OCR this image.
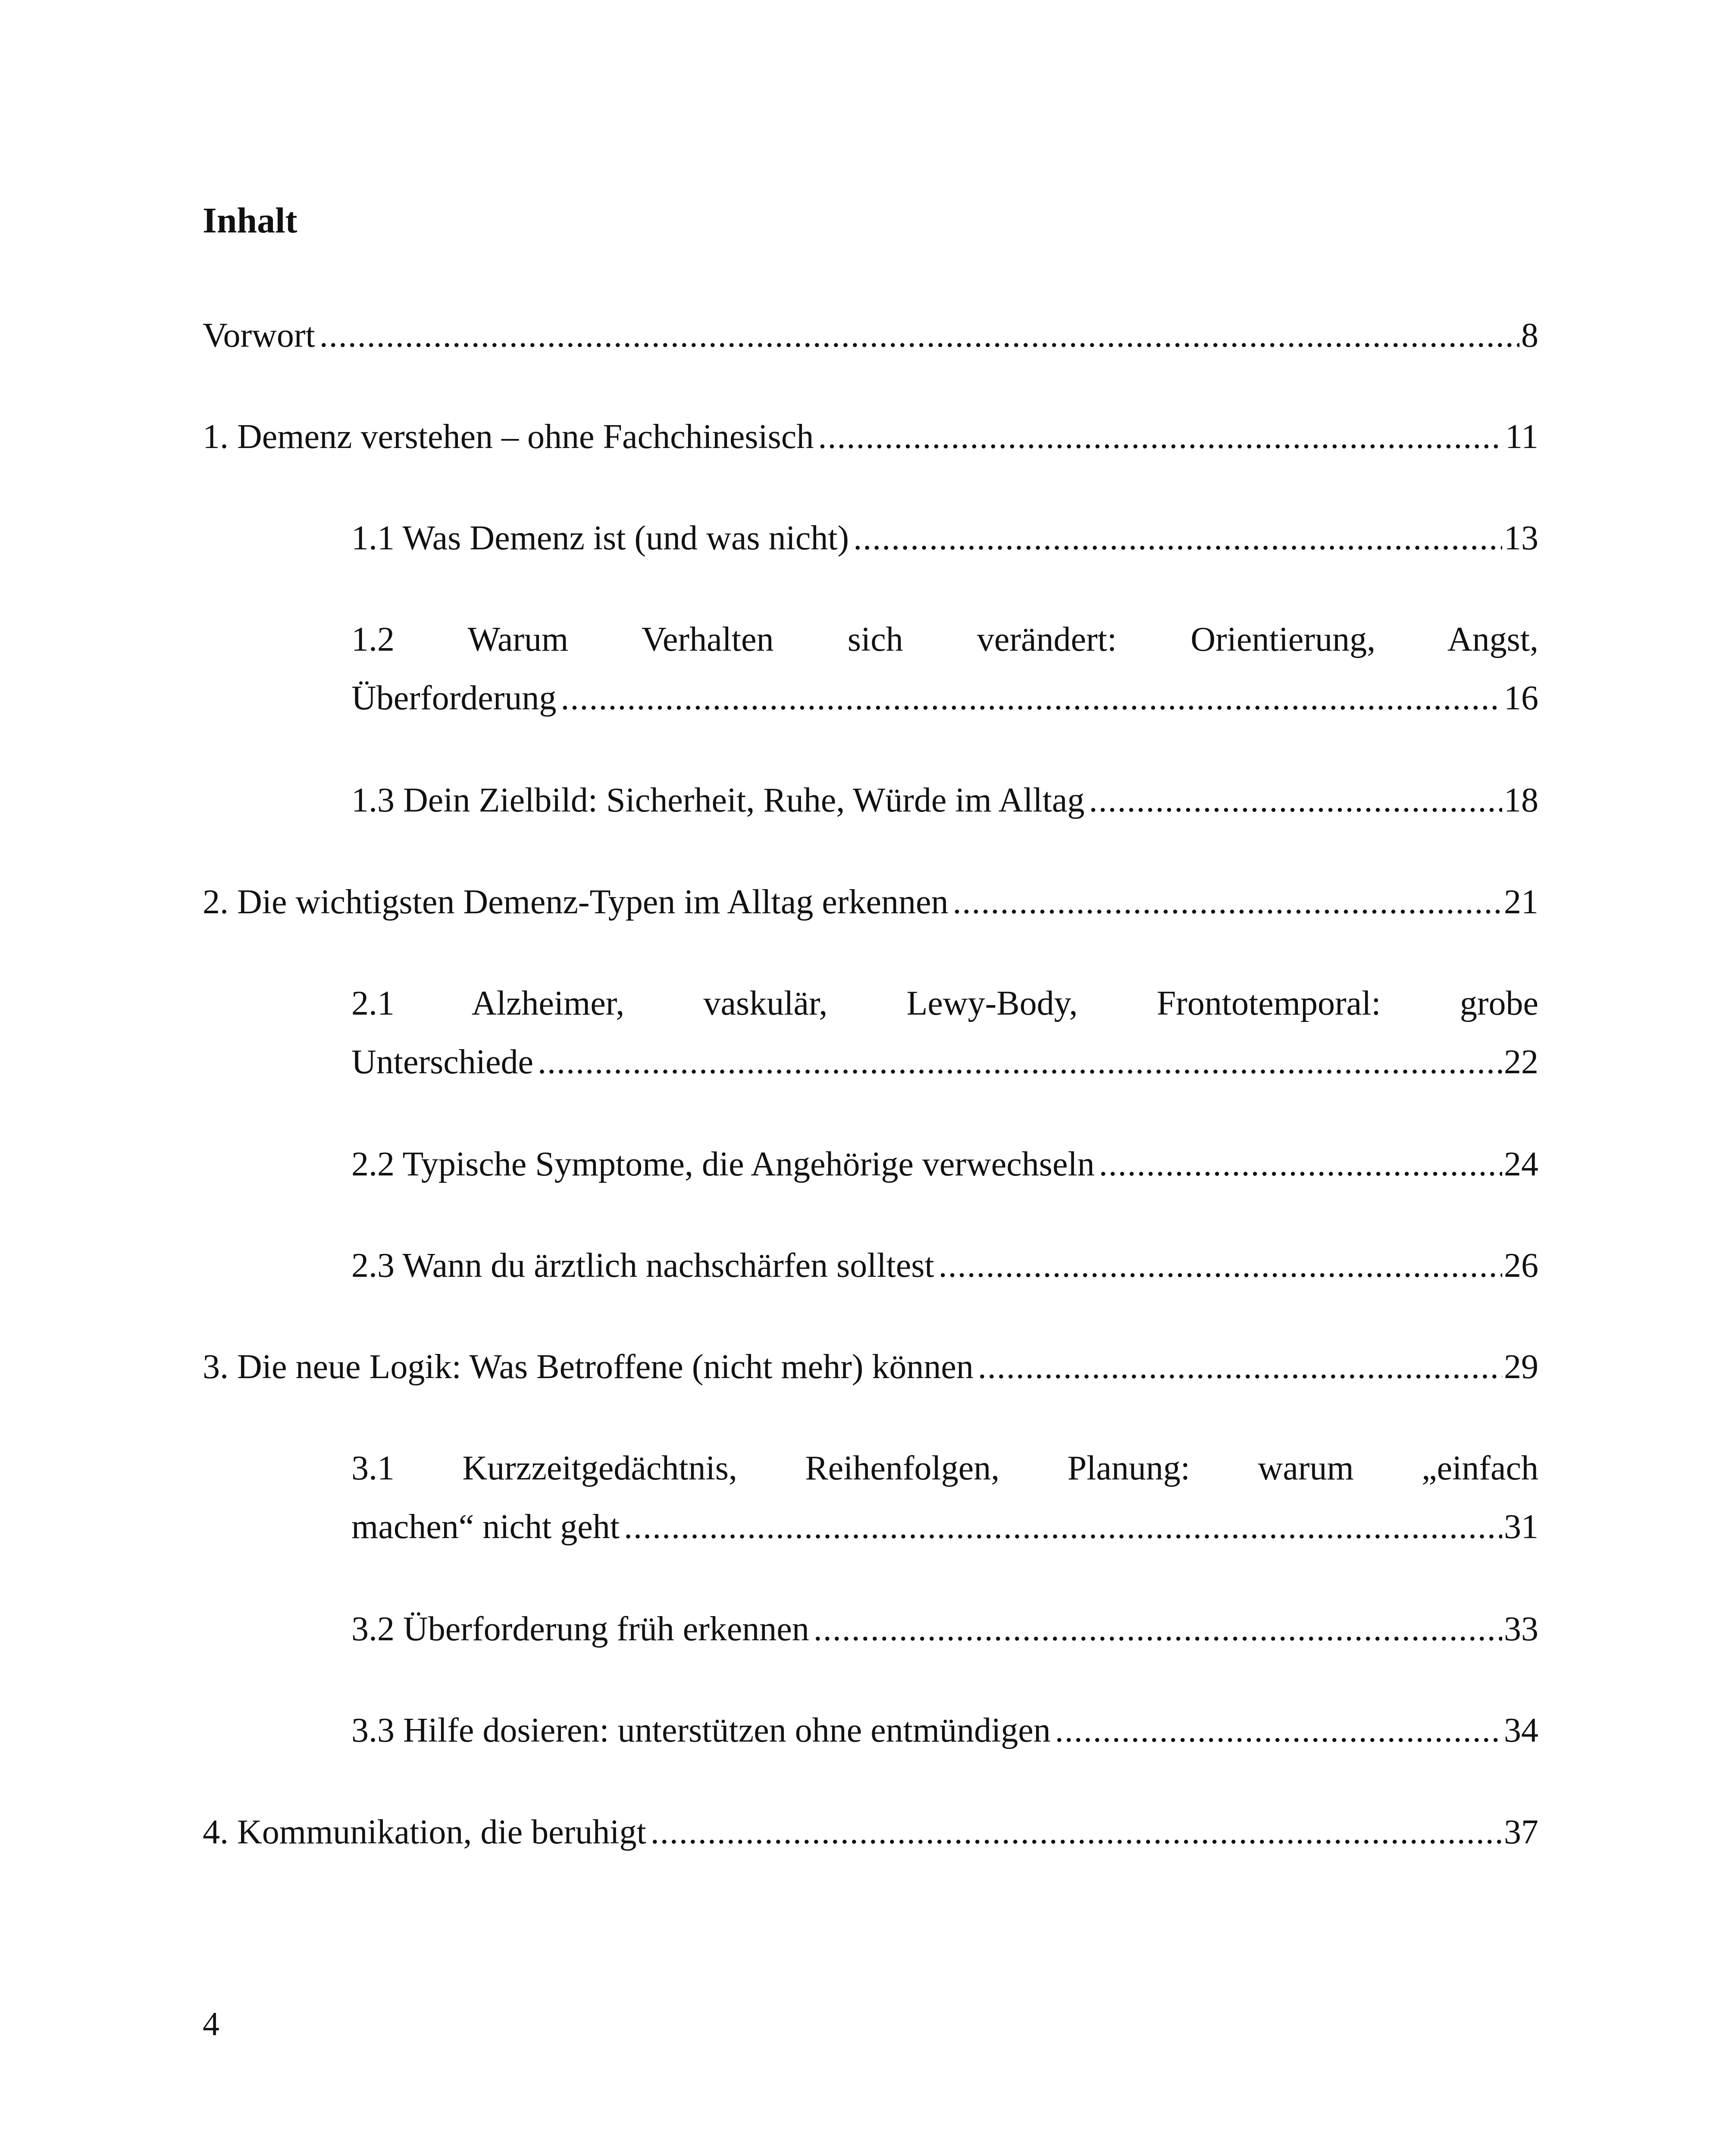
Inhalt
Vorwort .....	8
1. Demenz verstehen – ohne Fachchinesisch .....	11
1.1 Was Demenz ist (und was nicht) .....	13
1.2 Warum Verhalten sich verändert: Orientierung, Angst,
Überforderung .....	16
1.3 Dein Zielbild: Sicherheit, Ruhe, Würde im Alltag .....	18
2. Die wichtigsten Demenz-Typen im Alltag erkennen .....	21
2.1 Alzheimer, vaskulär, Lewy-Body, Frontotemporal: grobe
Unterschiede .....	22
2.2 Typische Symptome, die Angehörige verwechseln .....	24
2.3 Wann du ärztlich nachschärfen solltest .....	26
3. Die neue Logik: Was Betroffene (nicht mehr) können .....	29
3.1 Kurzzeitgedächtnis, Reihenfolgen, Planung: warum „einfach
machen“ nicht geht .....	31
3.2 Überforderung früh erkennen .....	33
3.3 Hilfe dosieren: unterstützen ohne entmündigen .....	34
4. Kommunikation, die beruhigt .....	37
4
